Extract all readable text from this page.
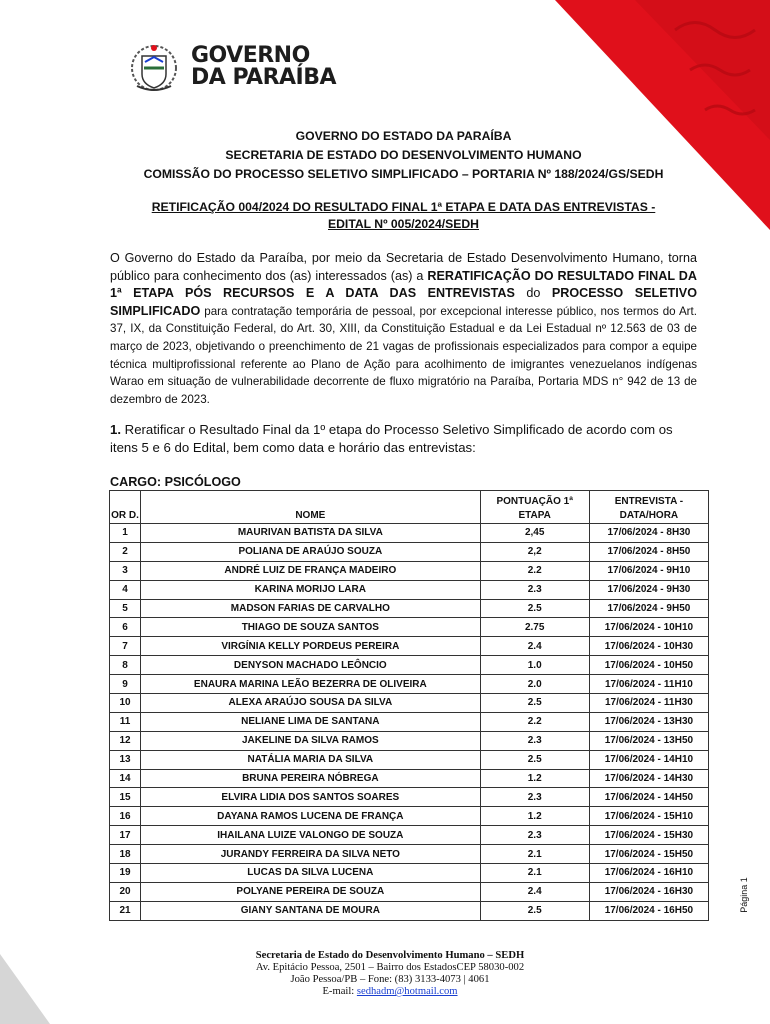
GOVERNO
DA PARAÍBA
GOVERNO DO ESTADO DA PARAÍBA
SECRETARIA DE ESTADO DO DESENVOLVIMENTO HUMANO
COMISSÃO DO PROCESSO SELETIVO SIMPLIFICADO – PORTARIA Nº 188/2024/GS/SEDH
RETIFICAÇÃO 004/2024 DO RESULTADO FINAL 1ª ETAPA E DATA DAS ENTREVISTAS -
EDITAL Nº 005/2024/SEDH
O Governo do Estado da Paraíba, por meio da Secretaria de Estado Desenvolvimento Humano, torna público para conhecimento dos (as) interessados (as) a RERATIFICAÇÃO DO RESULTADO FINAL DA 1ª ETAPA PÓS RECURSOS E A DATA DAS ENTREVISTAS do PROCESSO SELETIVO SIMPLIFICADO para contratação temporária de pessoal, por excepcional interesse público, nos termos do Art. 37, IX, da Constituição Federal, do Art. 30, XIII, da Constituição Estadual e da Lei Estadual nº 12.563 de 03 de março de 2023, objetivando o preenchimento de 21 vagas de profissionais especializados para compor a equipe técnica multiprofissional referente ao Plano de Ação para acolhimento de imigrantes venezuelanos indígenas Warao em situação de vulnerabilidade decorrente de fluxo migratório na Paraíba, Portaria MDS n° 942 de 13 de dezembro de 2023.
1. Reratificar o Resultado Final da 1º etapa do Processo Seletivo Simplificado de acordo com os itens 5 e 6 do Edital, bem como data e horário das entrevistas:
CARGO: PSICÓLOGO
OR D.	NOME	PONTUAÇÃO 1ª ETAPA	ENTREVISTA - DATA/HORA
1	MAURIVAN BATISTA DA SILVA	2,45	17/06/2024 - 8H30
2	POLIANA DE ARAÚJO SOUZA	2,2	17/06/2024 - 8H50
3	ANDRÉ LUIZ DE FRANÇA MADEIRO	2.2	17/06/2024 - 9H10
4	KARINA MORIJO LARA	2.3	17/06/2024 - 9H30
5	MADSON FARIAS DE CARVALHO	2.5	17/06/2024 - 9H50
6	THIAGO DE SOUZA SANTOS	2.75	17/06/2024 - 10H10
7	VIRGÍNIA KELLY PORDEUS PEREIRA	2.4	17/06/2024 - 10H30
8	DENYSON MACHADO LEÔNCIO	1.0	17/06/2024 - 10H50
9	ENAURA MARINA LEÃO BEZERRA DE OLIVEIRA	2.0	17/06/2024 - 11H10
10	ALEXA ARAÚJO SOUSA DA SILVA	2.5	17/06/2024 - 11H30
11	NELIANE LIMA DE SANTANA	2.2	17/06/2024 - 13H30
12	JAKELINE DA SILVA RAMOS	2.3	17/06/2024 - 13H50
13	NATÁLIA MARIA DA SILVA	2.5	17/06/2024 - 14H10
14	BRUNA PEREIRA NÓBREGA	1.2	17/06/2024 - 14H30
15	ELVIRA LIDIA DOS SANTOS SOARES	2.3	17/06/2024 - 14H50
16	DAYANA RAMOS LUCENA DE FRANÇA	1.2	17/06/2024 - 15H10
17	IHAILANA LUIZE VALONGO DE SOUZA	2.3	17/06/2024 - 15H30
18	JURANDY FERREIRA DA SILVA NETO	2.1	17/06/2024 - 15H50
19	LUCAS DA SILVA LUCENA	2.1	17/06/2024 - 16H10
20	POLYANE PEREIRA DE SOUZA	2.4	17/06/2024 - 16H30
21	GIANY SANTANA DE MOURA	2.5	17/06/2024 - 16H50	Página 1
Secretaria de Estado do Desenvolvimento Humano – SEDH
Av. Epitácio Pessoa, 2501 – Bairro dos EstadosCEP 58030-002
João Pessoa/PB – Fone: (83) 3133-4073 | 4061
E-mail: sedhadm@hotmail.com
